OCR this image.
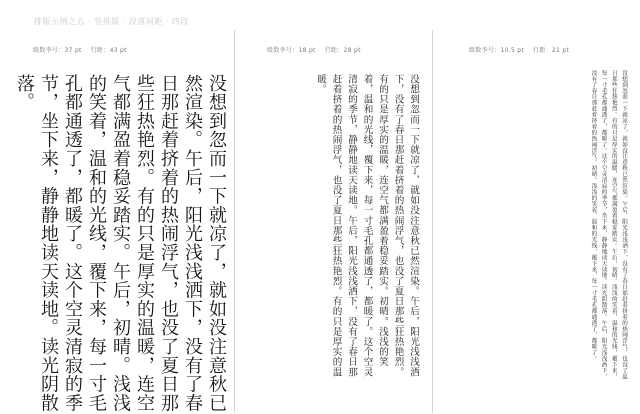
排版示例之五 · 竖排版 · 段落间距 · 四段
级数李号：37 pt 行距：43 pt
没想到忽而一下就凉了，就如没注意秋已然渲染。午后，阳光浅浅洒下，没有了春日那赶着挤着的热闹浮气，也没了夏日那些狂热艳烈。有的只是厚实的温暖，连空气都满盈着稳妥踏实。午后，初晴。浅浅的笑着，温和的光线，覆下来，每一寸毛孔都通透了，都暖了。这个空灵清寂的季节，坐下来，静静地读天读地。读光阴散落。
级数李号：18 pt 行距：28 pt
没想到忽而一下就凉了，就如没注意秋已然渲染。午后，阳光浅浅洒下，没有了春日那赶着挤着的热闹浮气，也没了夏日那些狂热艳烈。有的只是厚实的温暖，连空气都满盈着稳妥踏实。初晴。浅浅的笑着，温和的光线，覆下来，每一寸毛孔都通透了，都暖了。这个空灵清寂的季节，静静地读天读地。午后，阳光浅浅洒下，没有了春日那赶着挤着的热闹浮气，也没了夏日那些狂热艳烈。有的只是厚实的温暖。
级数李号：10.5 pt 行距：21 pt
没想到忽而一下就凉了，就如没注意秋已然渲染。午后，阳光浅浅洒下，没有了春日那赶着挤着的热闹浮气，也没了夏日那些狂热艳烈。有的只是厚实的温暖，连空气都满盈着稳妥踏实。午后，初晴。浅浅的笑着，温和的光线，覆下来，每一寸毛孔都通透了，都暖了。这个空灵清寂的季节，坐下来，静静地读天读地。读光阴散落。午后，阳光浅浅洒下，没有了春日那赶着挤着的热闹浮气。初晴。浅浅的笑着，温和的光线，覆下来，每一寸毛孔都通透了，都暖了。
